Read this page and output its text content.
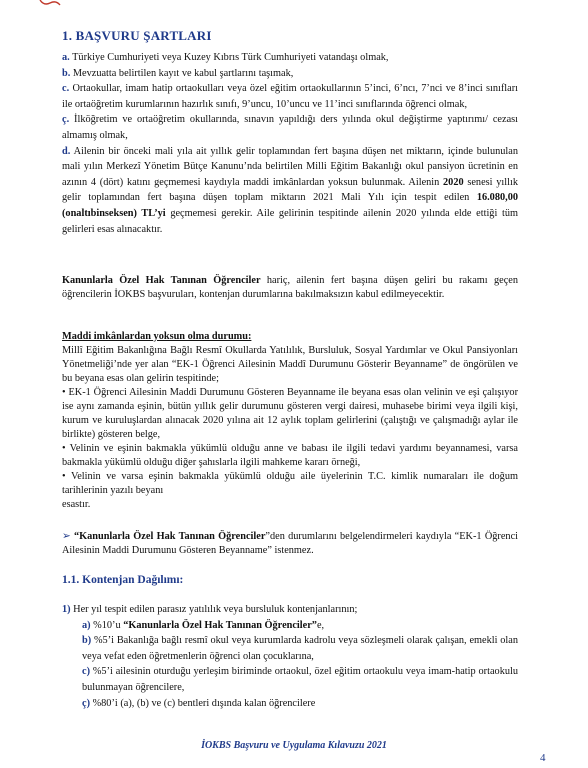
1. BAŞVURU ŞARTLARI

a. Türkiye Cumhuriyeti veya Kuzey Kıbrıs Türk Cumhuriyeti vatandaşı olmak,

b. Mevzuatta belirtilen kayıt ve kabul şartlarını taşımak,

c. Ortaokullar, imam hatip ortaokulları veya özel eğitim ortaokullarının 5’inci, 6’ncı, 7’nci ve 8’inci sınıfları ile ortaöğretim kurumlarının hazırlık sınıfı, 9’uncu, 10’uncu ve 11’inci sınıflarında öğrenci olmak,

ç. İlköğretim ve ortaöğretim okullarında, sınavın yapıldığı ders yılında okul değiştirme yaptırımı/ cezası almamış olmak,

d. Ailenin bir önceki mali yıla ait yıllık gelir toplamından fert başına düşen net miktarın, içinde bulunulan mali yılın Merkezî Yönetim Bütçe Kanunu’nda belirtilen Milli Eğitim Bakanlığı okul pansiyon ücretinin en azının 4 (dört) katını geçmemesi kaydıyla maddi imkânlardan yoksun bulunmak. Ailenin 2020 senesi yıllık gelir toplamından fert başına düşen toplam miktarın 2021 Mali Yılı için tespit edilen 16.080,00 (onaltıbinseksen) TL’yi geçmemesi gerekir. Aile gelirinin tespitinde ailenin 2020 yılında elde ettiği tüm gelirleri esas alınacaktır.

Kanunlarla Özel Hak Tanınan Öğrenciler hariç, ailenin fert başına düşen geliri bu rakamı geçen öğrencilerin İOKBS başvuruları, kontenjan durumlarına bakılmaksızın kabul edilmeyecektir.
Maddi imkânlardan yoksun olma durumu:
Millî Eğitim Bakanlığına Bağlı Resmî Okullarda Yatılılık, Bursluluk, Sosyal Yardımlar ve Okul Pansiyonları Yönetmeliği’nde yer alan “EK-1 Öğrenci Ailesinin Maddî Durumunu Gösterir Beyanname” de öngörülen ve bu beyana esas olan gelirin tespitinde;
• EK-1 Öğrenci Ailesinin Maddi Durumunu Gösteren Beyanname ile beyana esas olan velinin ve eşi çalışıyor ise aynı zamanda eşinin, bütün yıllık gelir durumunu gösteren vergi dairesi, muhasebe birimi veya ilgili kişi, kurum ve kuruluşlardan alınacak 2020 yılına ait 12 aylık toplam gelirlerini (çalıştığı ve çalışmadığı aylar ile birlikte) gösteren belge,
• Velinin ve eşinin bakmakla yükümlü olduğu anne ve babası ile ilgili tedavi yardımı beyannamesi, varsa bakmakla yükümlü olduğu diğer şahıslarla ilgili mahkeme kararı örneği,
• Velinin ve varsa eşinin bakmakla yükümlü olduğu aile üyelerinin T.C. kimlik numaraları ile doğum tarihlerinin yazılı beyanı
esastır.
➢ “Kanunlarla Özel Hak Tanınan Öğrenciler”den durumlarını belgelendirmeleri kaydıyla “EK-1 Öğrenci Ailesinin Maddi Durumunu Gösteren Beyanname” istenmez.
1.1. Kontenjan Dağılımı:
1) Her yıl tespit edilen parasız yatılılık veya bursluluk kontenjanlarının;
a) %10’u “Kanunlarla Özel Hak Tanınan Öğrenciler”e,
b) %5’i Bakanlığa bağlı resmî okul veya kurumlarda kadrolu veya sözleşmeli olarak çalışan, emekli olan veya vefat eden öğretmenlerin öğrenci olan çocuklarına,
c) %5’i ailesinin oturduğu yerleşim biriminde ortaokul, özel eğitim ortaokulu veya imam-hatip ortaokulu bulunmayan öğrencilere,
ç) %80’i (a), (b) ve (c) bentleri dışında kalan öğrencilere
İOKBS Başvuru ve Uygulama Kılavuzu 2021
4
